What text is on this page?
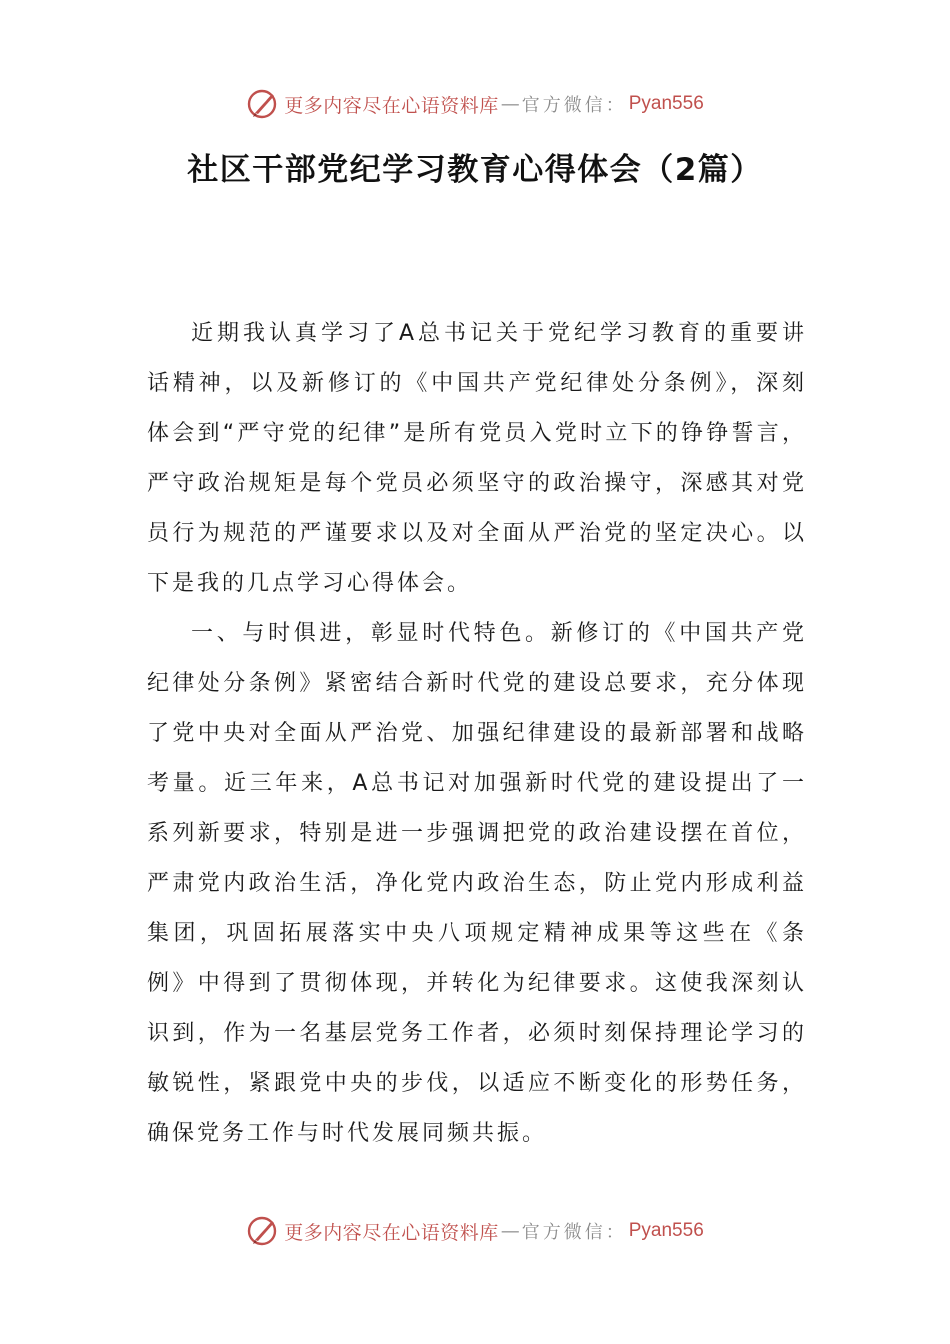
更多内容尽在心语资料库 — 官方微信： Pyan556
社区干部党纪学习教育心得体会（2篇）

近期我认真学习了A总书记关于党纪学习教育的重要讲话精神，以及新修订的《中国共产党纪律处分条例》，深刻体会到“严守党的纪律”是所有党员入党时立下的铮铮誓言，严守政治规矩是每个党员必须坚守的政治操守，深感其对党员行为规范的严谨要求以及对全面从严治党的坚定决心。以下是我的几点学习心得体会。

一、与时俱进，彰显时代特色。新修订的《中国共产党纪律处分条例》紧密结合新时代党的建设总要求，充分体现了党中央对全面从严治党、加强纪律建设的最新部署和战略考量。近三年来，A总书记对加强新时代党的建设提出了一系列新要求，特别是进一步强调把党的政治建设摆在首位，严肃党内政治生活，净化党内政治生态，防止党内形成利益集团，巩固拓展落实中央八项规定精神成果等这些在《条例》中得到了贯彻体现，并转化为纪律要求。这使我深刻认识到，作为一名基层党务工作者，必须时刻保持理论学习的敏锐性，紧跟党中央的步伐，以适应不断变化的形势任务，确保党务工作与时代发展同频共振。

更多内容尽在心语资料库 — 官方微信： Pyan556
